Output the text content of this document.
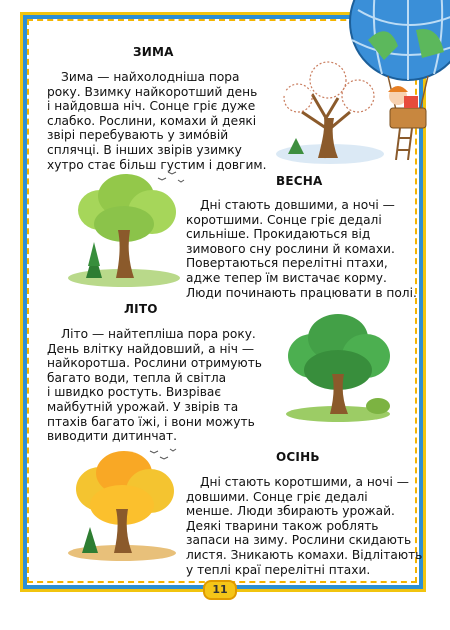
ЗИМА
Зима — найхолодніша пора
року. Взимку найкоротший день
і найдовша ніч. Сонце гріє дуже
слабко. Рослини, комахи й деякі
звірі перебувають у зимо́вій
сплячці. В інших звірів узимку
хутро стає більш густим і довгим.
ВЕСНА
Дні стають довшими, а ночі —
коротшими. Сонце гріє дедалі
сильніше. Прокидаються від
зимового сну рослини й комахи.
Повертаються перелітні птахи,
адже тепер їм вистачає корму.
Люди починають працювати в полі.
ЛІТО
Літо — найтепліша пора року.
День влітку найдовший, а ніч —
найкоротша. Рослини отримують
багато води, тепла й світла
і швидко ростуть. Визріває
майбутній урожай. У звірів та
птахів багато їжі, і вони можуть
виводити дитинчат.
ОСІНЬ
Дні стають коротшими, а ночі —
довшими. Сонце гріє дедалі
менше. Люди збирають урожай.
Деякі тварини також роблять
запаси на зиму. Рослини скидають
листя. Зникають комахи. Відлітають
у теплі краї перелітні птахи.
11
